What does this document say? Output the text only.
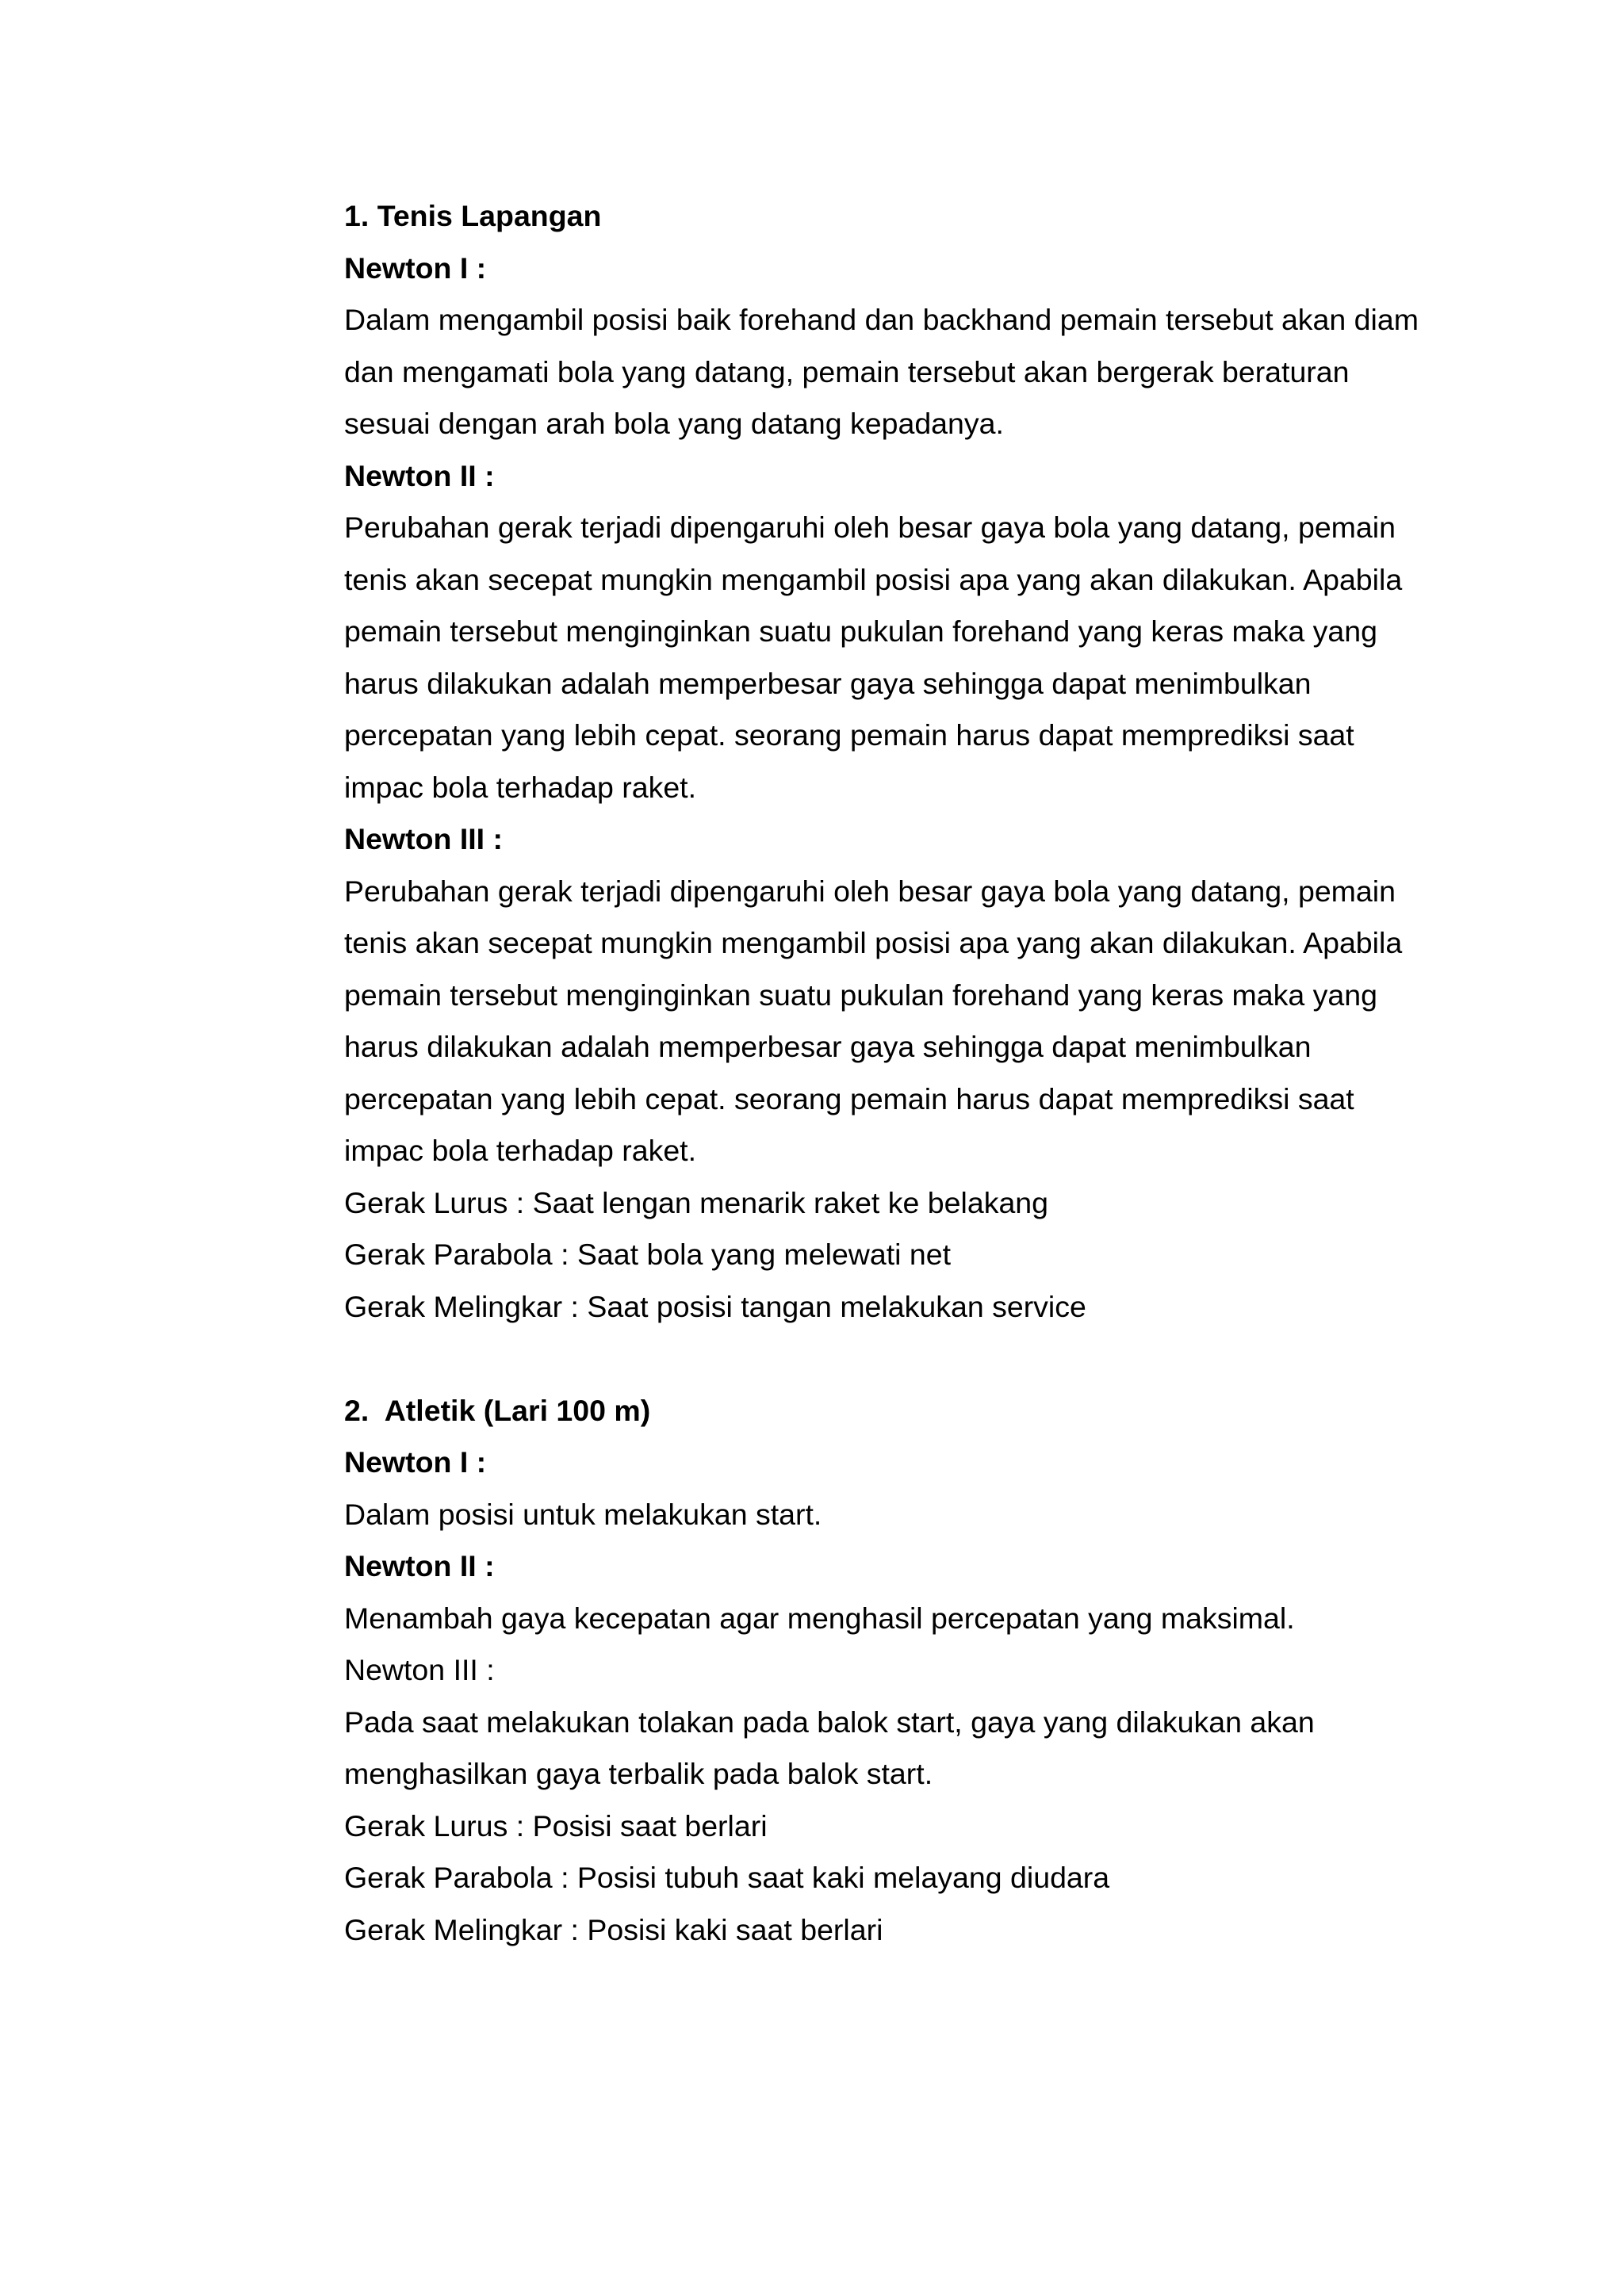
1. Tenis Lapangan
Newton I :
Dalam mengambil posisi baik forehand dan backhand pemain tersebut akan diam
dan mengamati bola yang datang, pemain tersebut akan bergerak beraturan
sesuai dengan arah bola yang datang kepadanya.
Newton II :
Perubahan gerak terjadi dipengaruhi oleh besar gaya bola yang datang, pemain
tenis akan secepat mungkin mengambil posisi apa yang akan dilakukan. Apabila
pemain tersebut menginginkan suatu pukulan forehand yang keras maka yang
harus dilakukan adalah memperbesar gaya sehingga dapat menimbulkan
percepatan yang lebih cepat. seorang pemain harus dapat memprediksi saat
impac bola terhadap raket.
Newton III :
Perubahan gerak terjadi dipengaruhi oleh besar gaya bola yang datang, pemain
tenis akan secepat mungkin mengambil posisi apa yang akan dilakukan. Apabila
pemain tersebut menginginkan suatu pukulan forehand yang keras maka yang
harus dilakukan adalah memperbesar gaya sehingga dapat menimbulkan
percepatan yang lebih cepat. seorang pemain harus dapat memprediksi saat
impac bola terhadap raket.
Gerak Lurus : Saat lengan menarik raket ke belakang
Gerak Parabola : Saat bola yang melewati net
Gerak Melingkar : Saat posisi tangan melakukan service
2.  Atletik (Lari 100 m)
Newton I :
Dalam posisi untuk melakukan start.
Newton II :
Menambah gaya kecepatan agar menghasil percepatan yang maksimal.
Newton III :
Pada saat melakukan tolakan pada balok start, gaya yang dilakukan akan
menghasilkan gaya terbalik pada balok start.
Gerak Lurus : Posisi saat berlari
Gerak Parabola : Posisi tubuh saat kaki melayang diudara
Gerak Melingkar : Posisi kaki saat berlari
